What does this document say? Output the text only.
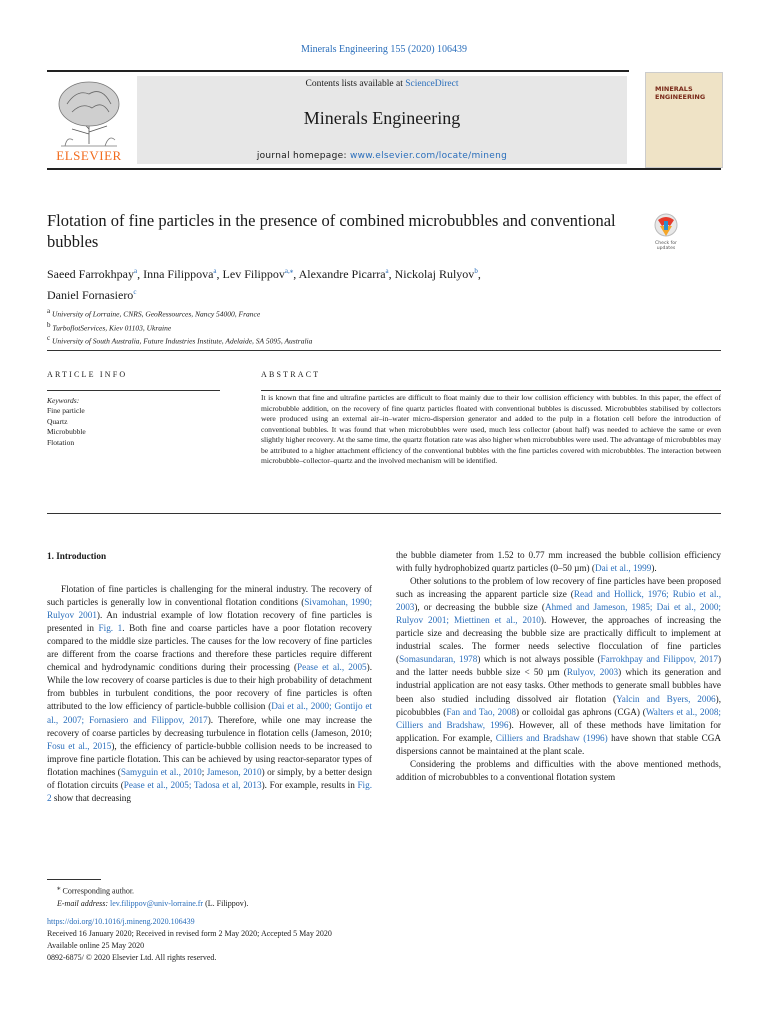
Minerals Engineering 155 (2020) 106439
ELSEVIER
Contents lists available at ScienceDirect
Minerals Engineering
journal homepage: www.elsevier.com/locate/mineng
MINERALS
ENGINEERING
Flotation of fine particles in the presence of combined microbubbles and conventional bubbles	Check for
updates
Saeed Farrokhpay$^a$, Inna Filippova$^a$, Lev Filippov$^{a,⁎}$, Alexandre Picarra$^a$, Nickolaj Rulyov$^b$,
Daniel Fornasiero$^c$
$^a$ University of Lorraine, CNRS, GeoRessources, Nancy 54000, France
$^b$ TurboflotServices, Kiev 01103, Ukraine
$^c$ University of South Australia, Future Industries Institute, Adelaide, SA 5095, Australia
ARTICLE INFO	ABSTRACT
Keywords:
Fine particle
Quartz
Microbubble
Flotation
It is known that fine and ultrafine particles are difficult to float mainly due to their low collision efficiency with bubbles. In this paper, the effect of microbubble addition, on the recovery of fine quartz particles floated with conventional bubbles is discussed. Microbubbles stabilised by collectors were produced using an external air–in–water micro-dispersion generator and added to the pulp in a flotation cell before the introduction of conventional bubbles. It was found that when microbubbles were used, much less collector (about half) was needed to achieve the same or even slightly higher recovery. At the same time, the quartz flotation rate was also higher when microbubbles were used. The advantage of microbubbles may be attributed to a higher attachment efficiency of the conventional bubbles with the fine particles covered with microbubbles. The interaction between microbubble–collector–quartz and the involved mechanism will be identified.
1. Introduction

Flotation of fine particles is challenging for the mineral industry. The recovery of such particles is generally low in conventional flotation conditions (Sivamohan, 1990; Rulyov 2001). An industrial example of low flotation recovery of fine particles is presented in Fig. 1. Both fine and coarse particles have a poor flotation recovery compared to the middle size particles. The causes for the low recovery of fine particles are different from the coarse fractions and therefore these particles require different chemical and hydrodynamic conditions during their processing (Pease et al., 2005). While the low recovery of coarse particles is due to their high probability of detachment from bubbles in turbulent conditions, the poor recovery of fine particles is often attributed to the low efficiency of particle-bubble collision (Dai et al., 2000; Gontijo et al., 2007; Fornasiero and Filippov, 2017). Therefore, while one may increase the recovery of coarse particles by decreasing turbulence in flotation cells (Jameson, 2010; Fosu et al., 2015), the efficiency of particle-bubble collision needs to be increased to improve fine particle flotation. This can be achieved by using reactor-separator types of flotation machines (Samyguin et al., 2010; Jameson, 2010) or simply, by a better design of flotation circuits (Pease et al., 2005; Tadosa et al, 2013). For example, results in Fig. 2 show that decreasing

the bubble diameter from 1.52 to 0.77 mm increased the bubble collision efficiency with fully hydrophobized quartz particles (0–50 µm) (Dai et al., 1999).

Other solutions to the problem of low recovery of fine particles have been proposed such as increasing the apparent particle size (Read and Hollick, 1976; Rubio et al., 2003), or decreasing the bubble size (Ahmed and Jameson, 1985; Dai et al., 2000; Rulyov 2001; Miettinen et al., 2010). However, the approaches of increasing the particle size and decreasing the bubble size are practically difficult to implement at industrial scales. The former needs selective flocculation of fine particles (Somasundaran, 1978) which is not always possible (Farrokhpay and Filippov, 2017) and the latter needs bubble size < 50 µm (Rulyov, 2003) which its generation and industrial application are not easy tasks. Other methods to generate small bubbles have been also studied including dissolved air flotation (Yalcin and Byers, 2006), picobubbles (Fan and Tao, 2008) or colloidal gas aphrons (CGA) (Walters et al., 2008; Cilliers and Bradshaw, 1996). However, all of these methods have limitation for application. For example, Cilliers and Bradshaw (1996) have shown that stable CGA dispersions cannot be maintained at the plant scale.

Considering the problems and difficulties with the above mentioned methods, addition of microbubbles to a conventional flotation system

⁎ Corresponding author.
E-mail address: lev.filippov@univ-lorraine.fr (L. Filippov).
https://doi.org/10.1016/j.mineng.2020.106439
Received 16 January 2020; Received in revised form 2 May 2020; Accepted 5 May 2020
Available online 25 May 2020
0892-6875/ © 2020 Elsevier Ltd. All rights reserved.
